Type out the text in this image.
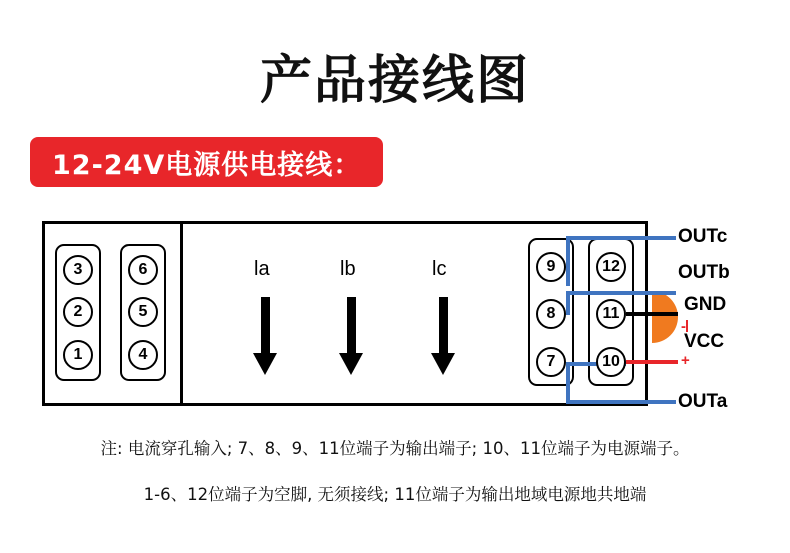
产品接线图
12-24V电源供电接线：
3
2
1
6
5
4
9
8
7
12
11
10
la	lb	lc
-
+
OUTc
OUTb
GND
VCC
OUTa
注: 电流穿孔输入; 7、8、9、11位端子为输出端子; 10、11位端子为电源端子。
1-6、12位端子为空脚, 无须接线; 11位端子为输出地域电源地共地端
